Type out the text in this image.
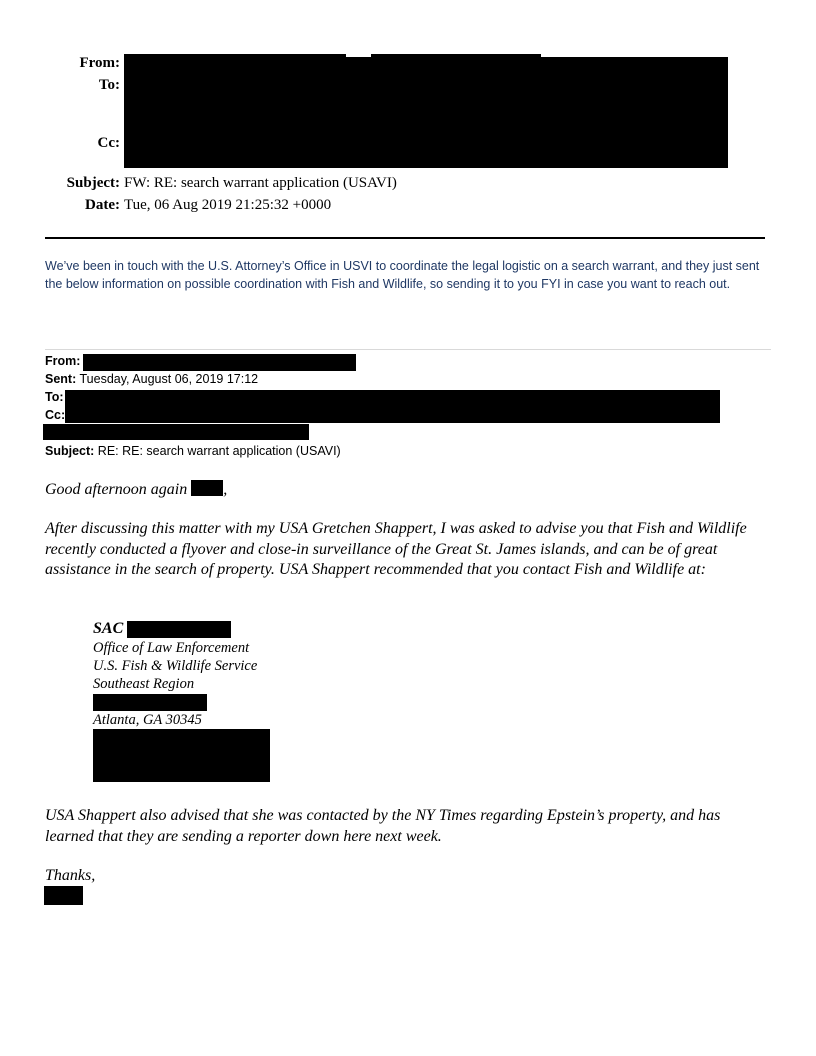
From:
To:
Cc:
Subject: FW: RE: search warrant application (USAVI)
Date: Tue, 06 Aug 2019 21:25:32 +0000
We’ve been in touch with the U.S. Attorney’s Office in USVI to coordinate the legal logistic on a search warrant, and they just sent the below information on possible coordination with Fish and Wildlife, so sending it to you FYI in case you want to reach out.
From:
Sent: Tuesday, August 06, 2019 17:12
To:
Cc:
Subject: RE: RE: search warrant application (USAVI)
Good afternoon again ,
After discussing this matter with my USA Gretchen Shappert, I was asked to advise you that Fish and Wildlife recently conducted a flyover and close-in surveillance of the Great St. James islands, and can be of great assistance in the search of property. USA Shappert recommended that you contact Fish and Wildlife at:
SAC
Office of Law Enforcement
U.S. Fish & Wildlife Service
Southeast Region
Atlanta, GA 30345
USA Shappert also advised that she was contacted by the NY Times regarding Epstein’s property, and has learned that they are sending a reporter down here next week.
Thanks,
